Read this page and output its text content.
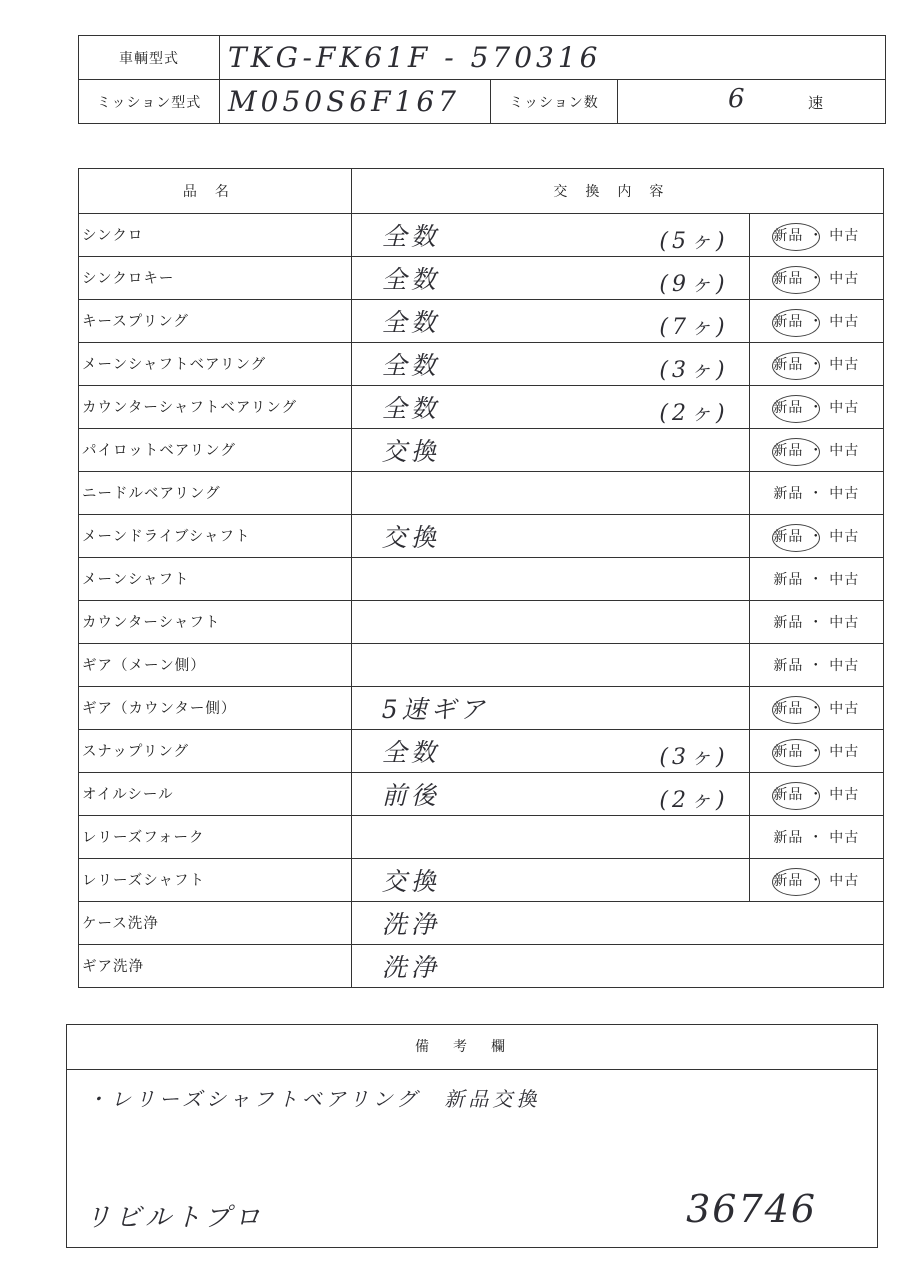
車輌型式	TKG-FK61F - 570316		
ミッション型式	M050S6F167	ミッション数	6 速
品名	交換内容	
シンクロ	全数 (5ヶ)	新品 ・ 中古

シンクロキー	全数 (9ヶ)	新品 ・ 中古

キースプリング	全数 (7ヶ)	新品 ・ 中古

メーンシャフトベアリング	全数 (3ヶ)	新品 ・ 中古

カウンターシャフトベアリング	全数 (2ヶ)	新品 ・ 中古

パイロットベアリング	交換	新品 ・ 中古

ニードルベアリング		新品 ・ 中古
メーンドライブシャフト	交換	新品 ・ 中古

メーンシャフト		新品 ・ 中古
カウンターシャフト		新品 ・ 中古
ギア（メーン側）		新品 ・ 中古
ギア（カウンター側）	5速ギア	新品 ・ 中古

スナップリング	全数 (3ヶ)	新品 ・ 中古

オイルシール	前後 (2ヶ)	新品 ・ 中古

レリーズフォーク		新品 ・ 中古
レリーズシャフト	交換	新品 ・ 中古

ケース洗浄	洗浄	

ギア洗浄	洗浄	
備考欄
・レリーズシャフトベアリング　新品交換
リビルトプロ	36746
